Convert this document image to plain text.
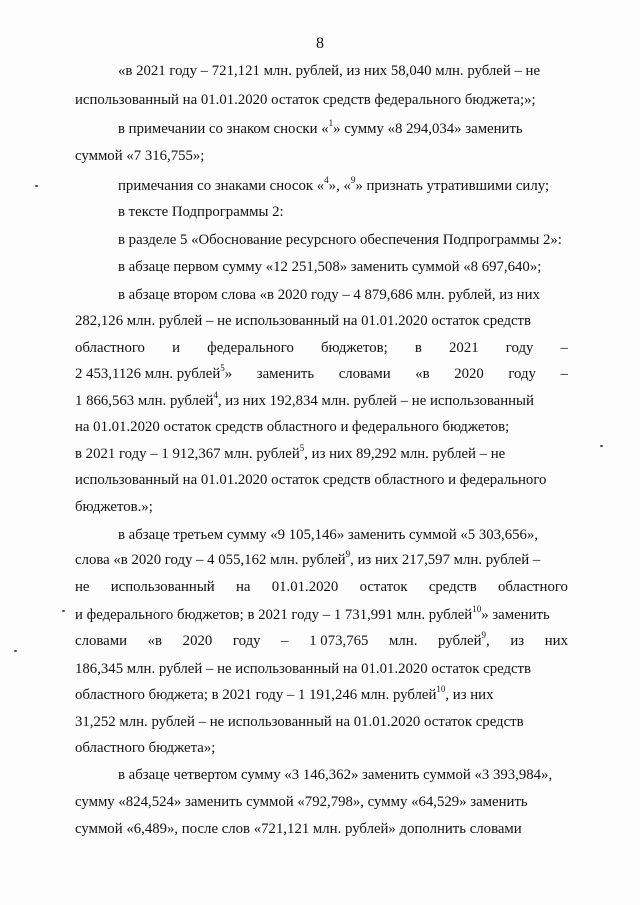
8
«в 2021 году – 721,121 млн. рублей, из них 58,040 млн. рублей – не
использованный на 01.01.2020 остаток средств федерального бюджета;»;
в примечании со знаком сноски «$^1$» сумму «8 294,034» заменить
суммой «7 316,755»;
примечания со знаками сносок «$^4$», «$^9$» признать утратившими силу;
в тексте Подпрограммы 2:
в разделе 5 «Обоснование ресурсного обеспечения Подпрограммы 2»:
в абзаце первом сумму «12 251,508» заменить суммой «8 697,640»;
в абзаце втором слова «в 2020 году – 4 879,686 млн. рублей, из них
282,126 млн. рублей – не использованный на 01.01.2020 остаток средств
областного и федерального бюджетов; в 2021 году –
2 453,1126 млн. рублей$^5$» заменить словами «в 2020 году –
1 866,563 млн. рублей$^4$, из них 192,834 млн. рублей – не использованный
на 01.01.2020 остаток средств областного и федерального бюджетов;
в 2021 году – 1 912,367 млн. рублей$^5$, из них 89,292 млн. рублей – не
использованный на 01.01.2020 остаток средств областного и федерального
бюджетов.»;
в абзаце третьем сумму «9 105,146» заменить суммой «5 303,656»,
слова «в 2020 году – 4 055,162 млн. рублей$^9$, из них 217,597 млн. рублей –
не использованный на 01.01.2020 остаток средств областного
и федерального бюджетов; в 2021 году – 1 731,991 млн. рублей$^{10}$» заменить
словами «в 2020 году – 1 073,765 млн. рублей$^9$, из них
186,345 млн. рублей – не использованный на 01.01.2020 остаток средств
областного бюджета; в 2021 году – 1 191,246 млн. рублей$^{10}$, из них
31,252 млн. рублей – не использованный на 01.01.2020 остаток средств
областного бюджета»;
в абзаце четвертом сумму «3 146,362» заменить суммой «3 393,984»,
сумму «824,524» заменить суммой «792,798», сумму «64,529» заменить
суммой «6,489», после слов «721,121 млн. рублей» дополнить словами
